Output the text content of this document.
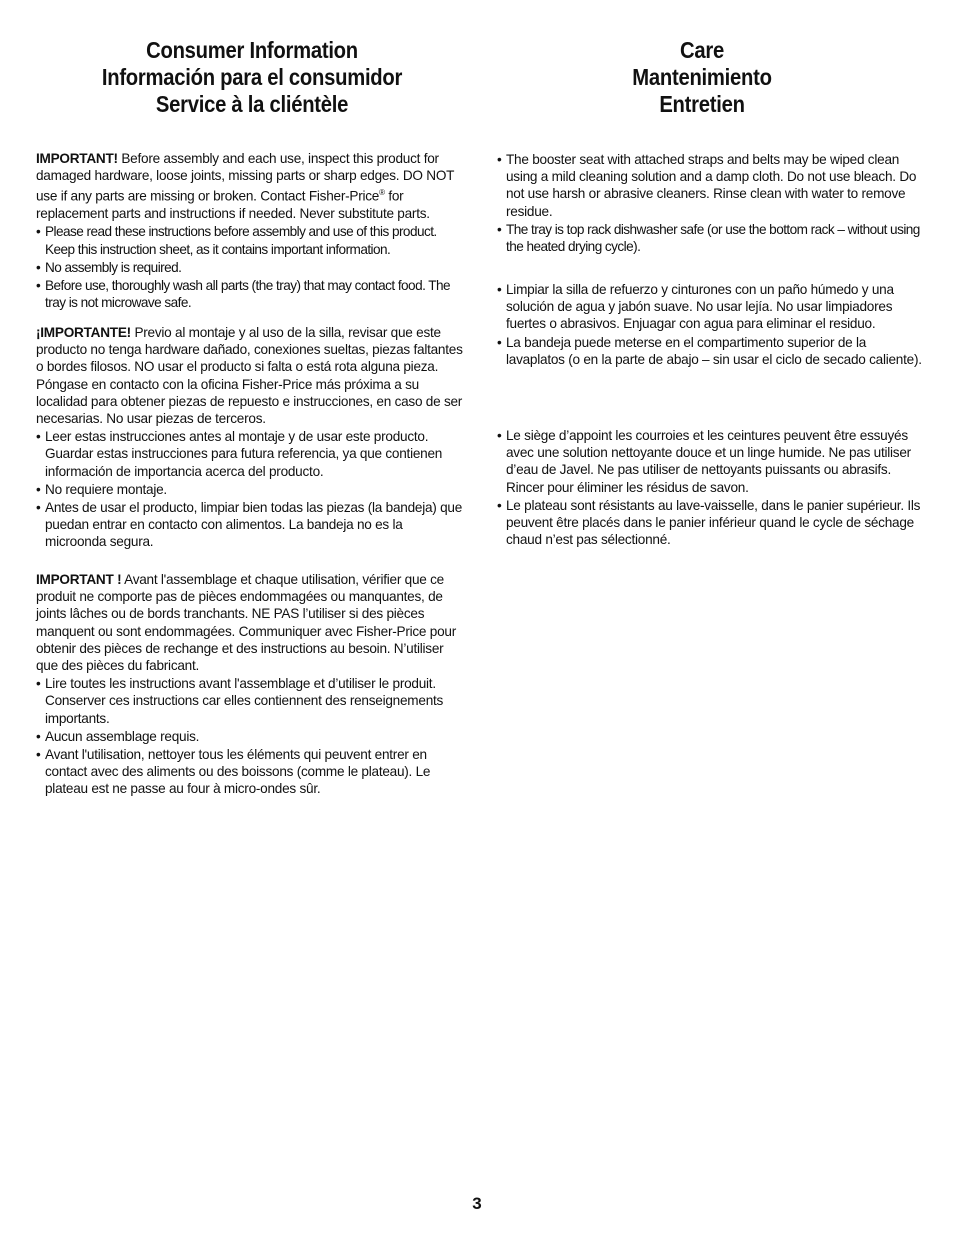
Consumer Information
Información para el consumidor
Service à la cliéntèle
Care
Mantenimiento
Entretien

IMPORTANT! Before assembly and each use, inspect this product for damaged hardware, loose joints, missing parts or sharp edges. DO NOT use if any parts are missing or broken. Contact Fisher-Price® for replacement parts and instructions if needed. Never substitute parts.

• Please read these instructions before assembly and use of this product. Keep this instruction sheet, as it contains important information.
• No assembly is required.
• Before use, thoroughly wash all parts (the tray) that may contact food. The tray is not microwave safe.

¡IMPORTANTE! Previo al montaje y al uso de la silla, revisar que este producto no tenga hardware dañado, conexiones sueltas, piezas faltantes o bordes filosos. NO usar el producto si falta o está rota alguna pieza. Póngase en contacto con la oficina Fisher-Price más próxima a su localidad para obtener piezas de repuesto e instrucciones, en caso de ser necesarias. No usar piezas de terceros.

• Leer estas instrucciones antes al montaje y de usar este producto. Guardar estas instrucciones para futura referencia, ya que contienen información de importancia acerca del producto.
• No requiere montaje.
• Antes de usar el producto, limpiar bien todas las piezas (la bandeja) que puedan entrar en contacto con alimentos. La bandeja no es la microonda segura.

IMPORTANT ! Avant l'assemblage et chaque utilisation, vérifier que ce produit ne comporte pas de pièces endommagées ou manquantes, de joints lâches ou de bords tranchants. NE PAS l’utiliser si des pièces manquent ou sont endommagées. Communiquer avec Fisher-Price pour obtenir des pièces de rechange et des instructions au besoin. N’utiliser que des pièces du fabricant.

• Lire toutes les instructions avant l'assemblage et d’utiliser le produit. Conserver ces instructions car elles contiennent des renseignements importants.
• Aucun assemblage requis.
• Avant l'utilisation, nettoyer tous les éléments qui peuvent entrer en contact avec des aliments ou des boissons (comme le plateau). Le plateau est ne passe au four à micro-ondes sûr.
• The booster seat with attached straps and belts may be wiped clean using a mild cleaning solution and a damp cloth. Do not use bleach. Do not use harsh or abrasive cleaners. Rinse clean with water to remove residue.
• The tray is top rack dishwasher safe (or use the bottom rack – without using the heated drying cycle).
• Limpiar la silla de refuerzo y cinturones con un paño húmedo y una solución de agua y jabón suave. No usar lejía. No usar limpiadores fuertes o abrasivos. Enjuagar con agua para eliminar el residuo.
• La bandeja puede meterse en el compartimento superior de la lavaplatos (o en la parte de abajo – sin usar el ciclo de secado caliente).
• Le siège d’appoint les courroies et les ceintures peuvent être essuyés avec une solution nettoyante douce et un linge humide. Ne pas utiliser d’eau de Javel. Ne pas utiliser de nettoyants puissants ou abrasifs. Rincer pour éliminer les résidus de savon.
• Le plateau sont résistants au lave-vaisselle, dans le panier supérieur. Ils peuvent être placés dans le panier inférieur quand le cycle de séchage chaud n’est pas sélectionné.
3
